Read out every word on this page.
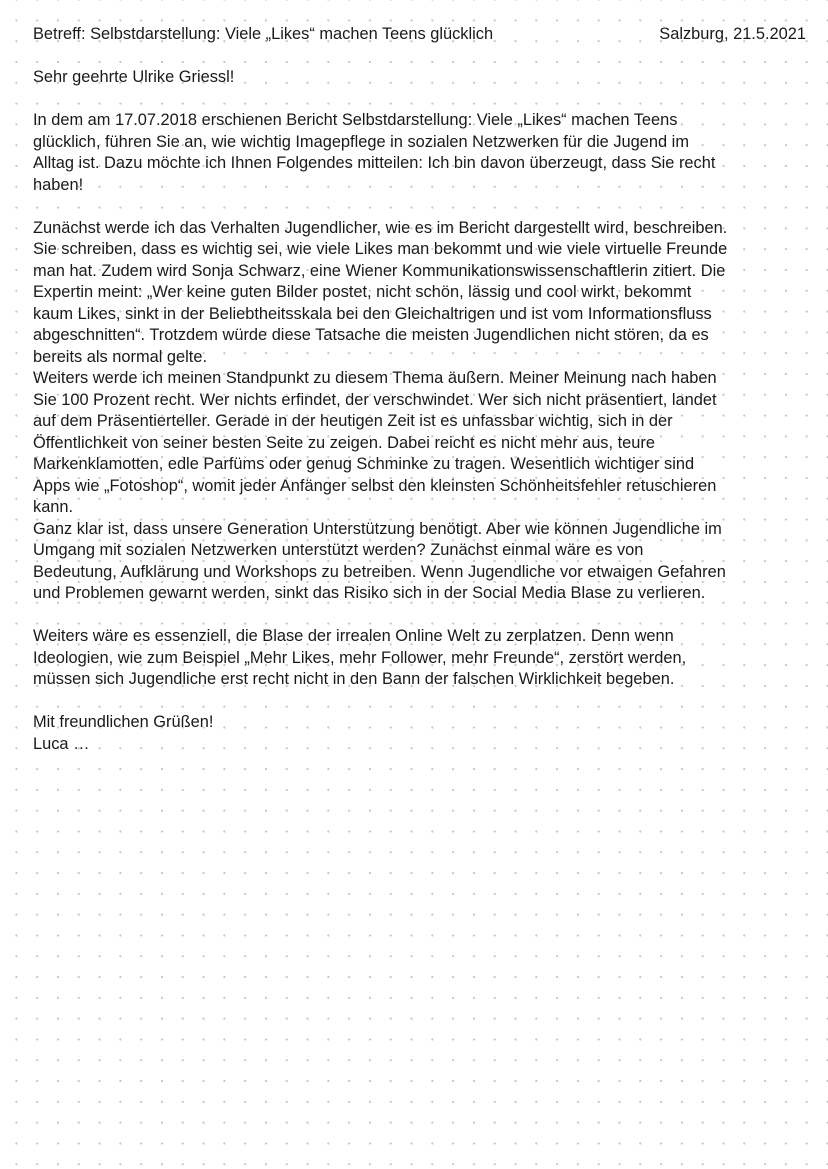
Betreff: Selbstdarstellung: Viele „Likes“ machen Teens glücklich	Salzburg, 21.5.2021

Sehr geehrte Ulrike Griessl!

In dem am 17.07.2018 erschienen Bericht Selbstdarstellung: Viele „Likes“ machen Teens
glücklich, führen Sie an, wie wichtig Imagepflege in sozialen Netzwerken für die Jugend im
Alltag ist. Dazu möchte ich Ihnen Folgendes mitteilen: Ich bin davon überzeugt, dass Sie recht
haben!

Zunächst werde ich das Verhalten Jugendlicher, wie es im Bericht dargestellt wird, beschreiben.
Sie schreiben, dass es wichtig sei, wie viele Likes man bekommt und wie viele virtuelle Freunde
man hat. Zudem wird Sonja Schwarz, eine Wiener Kommunikationswissenschaftlerin zitiert. Die
Expertin meint: „Wer keine guten Bilder postet, nicht schön, lässig und cool wirkt, bekommt
kaum Likes, sinkt in der Beliebtheitsskala bei den Gleichaltrigen und ist vom Informationsfluss
abgeschnitten“. Trotzdem würde diese Tatsache die meisten Jugendlichen nicht stören, da es
bereits als normal gelte.

Weiters werde ich meinen Standpunkt zu diesem Thema äußern. Meiner Meinung nach haben
Sie 100 Prozent recht. Wer nichts erfindet, der verschwindet. Wer sich nicht präsentiert, landet
auf dem Präsentierteller. Gerade in der heutigen Zeit ist es unfassbar wichtig, sich in der
Öffentlichkeit von seiner besten Seite zu zeigen. Dabei reicht es nicht mehr aus, teure
Markenklamotten, edle Parfüms oder genug Schminke zu tragen. Wesentlich wichtiger sind
Apps wie „Fotoshop“, womit jeder Anfänger selbst den kleinsten Schönheitsfehler retuschieren
kann.

Ganz klar ist, dass unsere Generation Unterstützung benötigt. Aber wie können Jugendliche im
Umgang mit sozialen Netzwerken unterstützt werden? Zunächst einmal wäre es von
Bedeutung, Aufklärung und Workshops zu betreiben. Wenn Jugendliche vor etwaigen Gefahren
und Problemen gewarnt werden, sinkt das Risiko sich in der Social Media Blase zu verlieren.

Weiters wäre es essenziell, die Blase der irrealen Online Welt zu zerplatzen. Denn wenn
Ideologien, wie zum Beispiel „Mehr Likes, mehr Follower, mehr Freunde“, zerstört werden,
müssen sich Jugendliche erst recht nicht in den Bann der falschen Wirklichkeit begeben.

Mit freundlichen Grüßen!

Luca …
